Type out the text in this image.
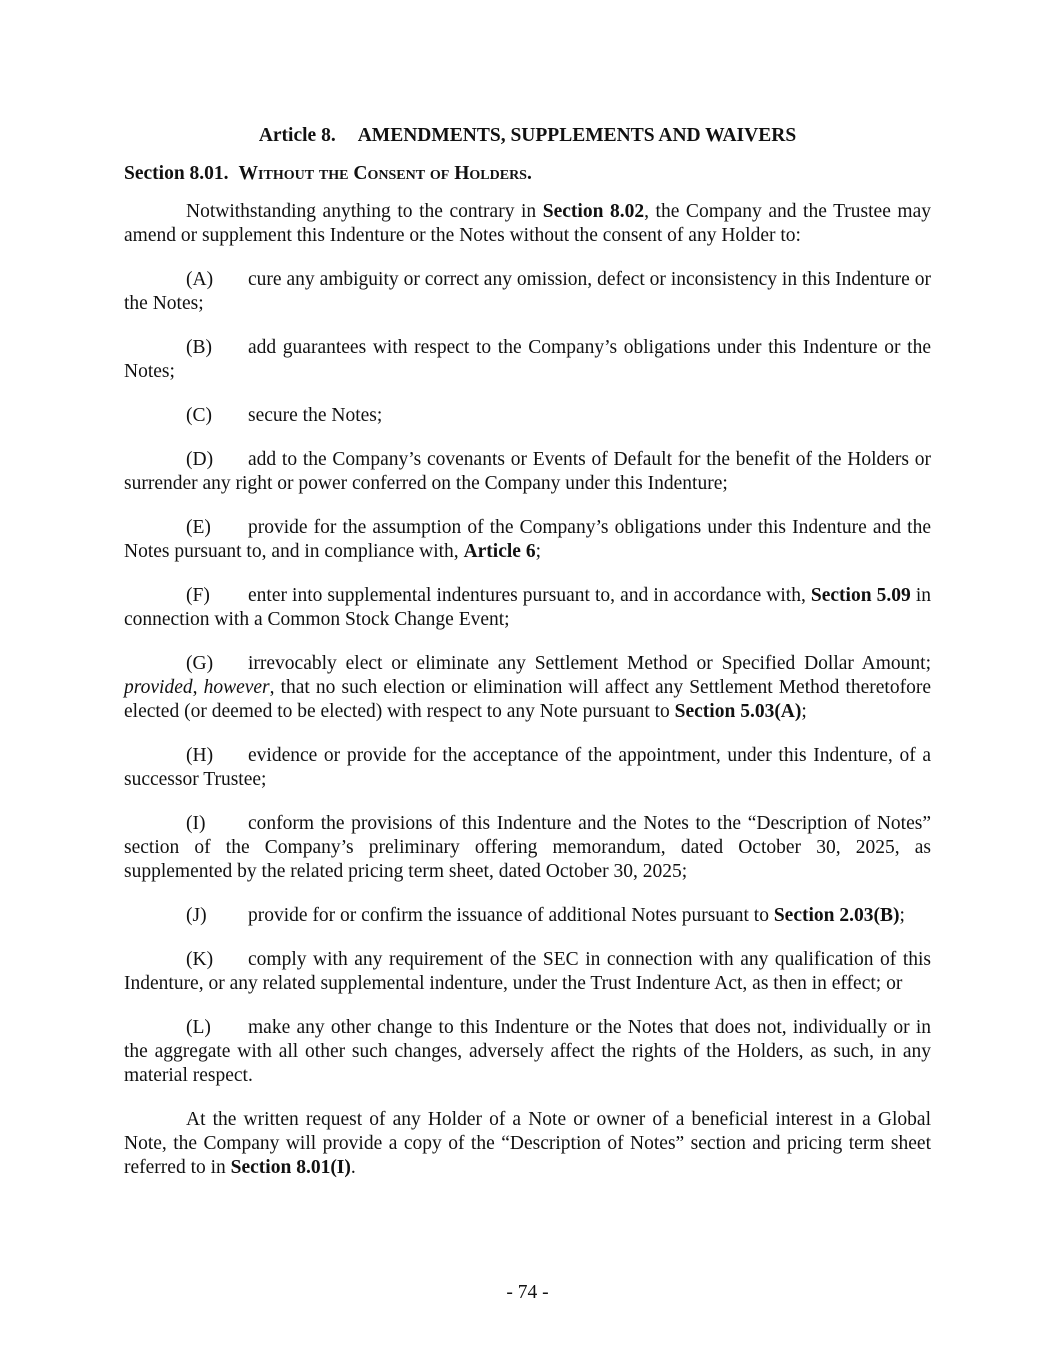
Article 8. AMENDMENTS, SUPPLEMENTS AND WAIVERS
Section 8.01. Without the Consent of Holders.

Notwithstanding anything to the contrary in Section 8.02, the Company and the Trustee may amend or supplement this Indenture or the Notes without the consent of any Holder to:

(A) cure any ambiguity or correct any omission, defect or inconsistency in this Indenture or the Notes;

(B) add guarantees with respect to the Company’s obligations under this Indenture or the Notes;

(C) secure the Notes;

(D) add to the Company’s covenants or Events of Default for the benefit of the Holders or surrender any right or power conferred on the Company under this Indenture;

(E) provide for the assumption of the Company’s obligations under this Indenture and the Notes pursuant to, and in compliance with, Article 6;

(F) enter into supplemental indentures pursuant to, and in accordance with, Section 5.09 in connection with a Common Stock Change Event;

(G) irrevocably elect or eliminate any Settlement Method or Specified Dollar Amount; provided, however, that no such election or elimination will affect any Settlement Method theretofore elected (or deemed to be elected) with respect to any Note pursuant to Section 5.03(A);

(H) evidence or provide for the acceptance of the appointment, under this Indenture, of a successor Trustee;

(I) conform the provisions of this Indenture and the Notes to the “Description of Notes” section of the Company’s preliminary offering memorandum, dated October 30, 2025, as supplemented by the related pricing term sheet, dated October 30, 2025;

(J) provide for or confirm the issuance of additional Notes pursuant to Section 2.03(B);

(K) comply with any requirement of the SEC in connection with any qualification of this Indenture, or any related supplemental indenture, under the Trust Indenture Act, as then in effect; or

(L) make any other change to this Indenture or the Notes that does not, individually or in the aggregate with all other such changes, adversely affect the rights of the Holders, as such, in any material respect.

At the written request of any Holder of a Note or owner of a beneficial interest in a Global Note, the Company will provide a copy of the “Description of Notes” section and pricing term sheet referred to in Section 8.01(I).

- 74 -
